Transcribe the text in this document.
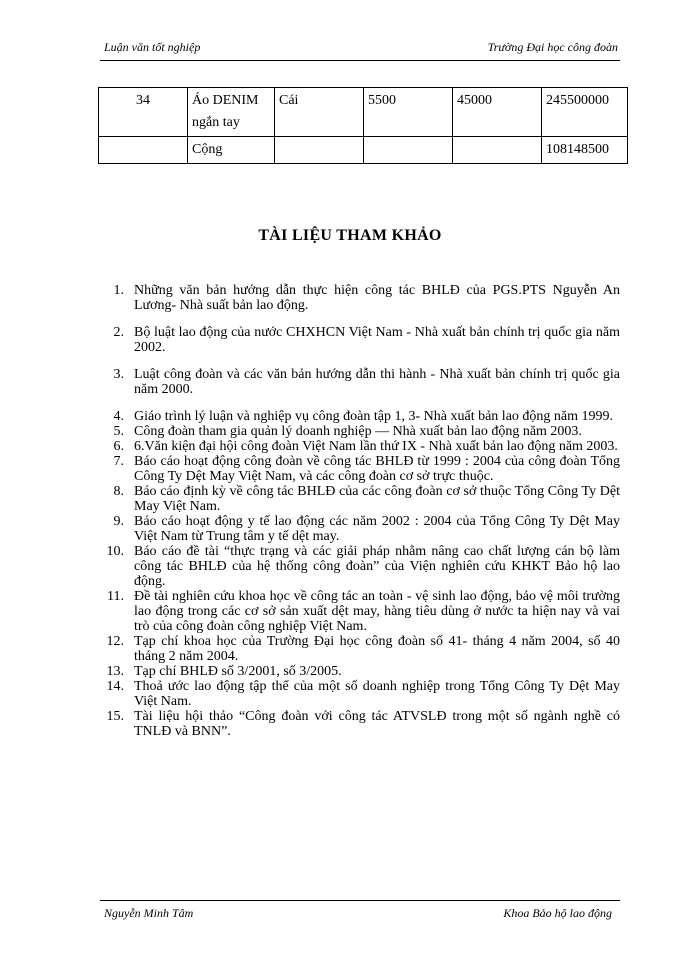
Luận văn tốt nghiệp	Trường Đại học công đoàn
34	Áo DENIM ngắn tay	Cái	5500	45000	245500000
	Cộng				108148500
TÀI LIỆU THAM KHẢO
1. Những văn bản hướng dẫn thực hiện công tác BHLĐ của PGS.PTS Nguyễn An Lương- Nhà suất bản lao động.
2. Bộ luật lao động của nước CHXHCN Việt Nam - Nhà xuất bản chính trị quốc gia năm 2002.
3. Luật công đoàn và các văn bản hướng dẫn thi hành - Nhà xuất bản chính trị quốc gia năm 2000.
4. Giáo trình lý luận và nghiệp vụ công đoàn tập 1, 3- Nhà xuất bản lao động năm 1999.
5. Công đoàn tham gia quản lý doanh nghiệp — Nhà xuất bản lao động năm 2003.
6. 6.Văn kiện đại hội công đoàn Việt Nam lần thứ IX - Nhà xuất bản lao động năm 2003.
7. Báo cáo hoạt động công đoàn về công tác BHLĐ từ 1999 : 2004 của công đoàn Tổng Công Ty Dệt May Việt Nam, và các công đoàn cơ sở trực thuộc.
8. Báo cáo định kỳ về công tác BHLĐ của các công đoàn cơ sở thuộc Tổng Công Ty Dệt May Việt Nam.
9. Báo cáo hoạt động y tế lao động các năm 2002 : 2004 của Tổng Công Ty Dệt May Việt Nam từ Trung tâm y tế dệt may.
10. Báo cáo đề tài “thực trạng và các giải pháp nhằm nâng cao chất lượng cán bộ làm công tác BHLĐ của hệ thống công đoàn” của Viện nghiên cứu KHKT Bảo hộ lao động.
11. Đề tài nghiên cứu khoa học về công tác an toàn - vệ sinh lao động, bảo vệ môi trường lao động trong các cơ sở sản xuất dệt may, hàng tiêu dùng ở nước ta hiện nay và vai trò của công đoàn công nghiệp Việt Nam.
12. Tạp chí khoa học của Trường Đại học công đoàn số 41- tháng 4 năm 2004, số 40 tháng 2 năm 2004.
13. Tạp chí BHLĐ số 3/2001, số 3/2005.
14. Thoả ước lao động tập thể của một số doanh nghiệp trong Tổng Công Ty Dệt May Việt Nam.
15. Tài liệu hội thảo “Công đoàn với công tác ATVSLĐ trong một số ngành nghề có TNLĐ và BNN”.
Nguyễn Minh Tâm	Khoa Bảo hộ lao động
